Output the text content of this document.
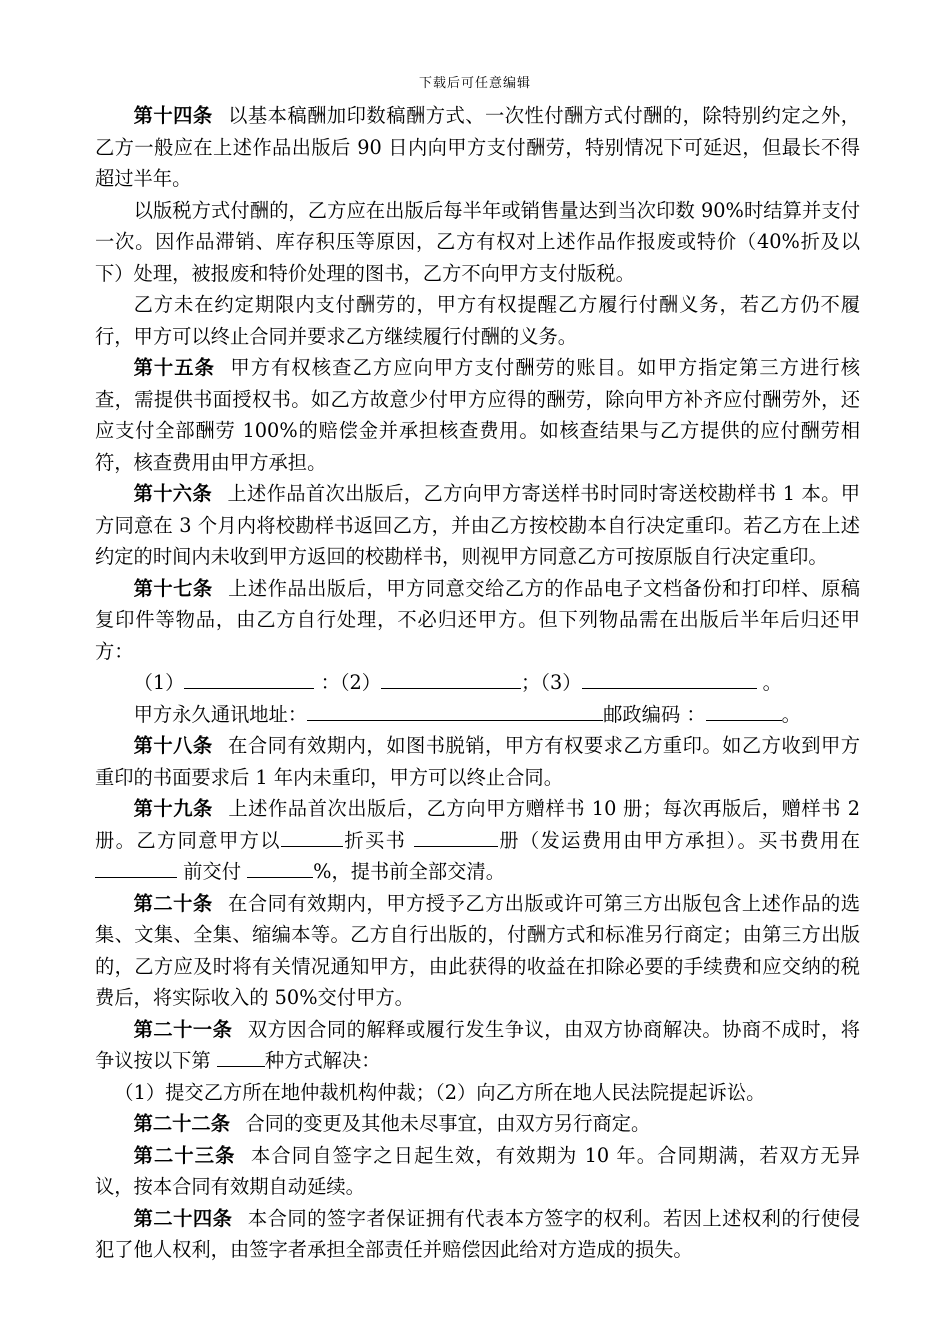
下载后可任意编辑

第十四条 以基本稿酬加印数稿酬方式、一次性付酬方式付酬的，除特别约定之外，乙方一般应在上述作品出版后 90 日内向甲方支付酬劳，特别情况下可延迟，但最长不得超过半年。

以版税方式付酬的，乙方应在出版后每半年或销售量达到当次印数 90%时结算并支付一次。因作品滞销、库存积压等原因，乙方有权对上述作品作报废或特价（40%折及以下）处理，被报废和特价处理的图书，乙方不向甲方支付版税。

乙方未在约定期限内支付酬劳的，甲方有权提醒乙方履行付酬义务，若乙方仍不履行，甲方可以终止合同并要求乙方继续履行付酬的义务。

第十五条 甲方有权核查乙方应向甲方支付酬劳的账目。如甲方指定第三方进行核查，需提供书面授权书。如乙方故意少付甲方应得的酬劳，除向甲方补齐应付酬劳外，还应支付全部酬劳 100%的赔偿金并承担核查费用。如核查结果与乙方提供的应付酬劳相符，核查费用由甲方承担。

第十六条 上述作品首次出版后，乙方向甲方寄送样书时同时寄送校勘样书 1 本。甲方同意在 3 个月内将校勘样书返回乙方，并由乙方按校勘本自行决定重印。若乙方在上述约定的时间内未收到甲方返回的校勘样书，则视甲方同意乙方可按原版自行决定重印。

第十七条 上述作品出版后，甲方同意交给乙方的作品电子文档备份和打印样、原稿复印件等物品，由乙方自行处理，不必归还甲方。但下列物品需在出版后半年后归还甲方：

（1）	：（2）	；（3）	。

甲方永久通讯地址：	邮政编码 ：	。

第十八条 在合同有效期内，如图书脱销，甲方有权要求乙方重印。如乙方收到甲方重印的书面要求后 1 年内未重印，甲方可以终止合同。

第十九条 上述作品首次出版后，乙方向甲方赠样书 10 册；每次再版后，赠样书 2 册。乙方同意甲方以	折买书	册（发运费用由甲方承担）。买书费用在 前交付	%，提书前全部交清。

第二十条 在合同有效期内，甲方授予乙方出版或许可第三方出版包含上述作品的选集、文集、全集、缩编本等。乙方自行出版的，付酬方式和标准另行商定；由第三方出版的，乙方应及时将有关情况通知甲方，由此获得的收益在扣除必要的手续费和应交纳的税费后，将实际收入的 50%交付甲方。

第二十一条 双方因合同的解释或履行发生争议，由双方协商解决。协商不成时，将争议按以下第	种方式解决：

（1）提交乙方所在地仲裁机构仲裁；（2）向乙方所在地人民法院提起诉讼。

第二十二条 合同的变更及其他未尽事宜，由双方另行商定。

第二十三条 本合同自签字之日起生效，有效期为 10 年。合同期满，若双方无异议，按本合同有效期自动延续。

第二十四条 本合同的签字者保证拥有代表本方签字的权利。若因上述权利的行使侵犯了他人权利，由签字者承担全部责任并赔偿因此给对方造成的损失。
